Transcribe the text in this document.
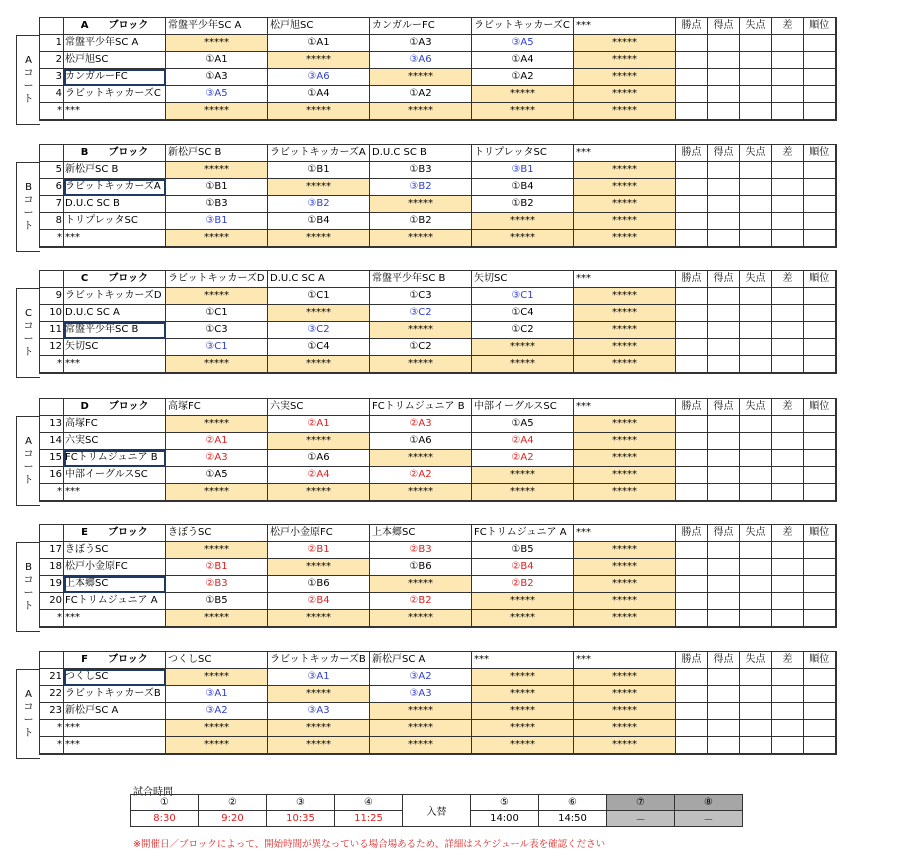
A
コ
ー
ト
	A　　ブロック	常盤平少年SC A	松戸旭SC	カンガルーFC	ラビットキッカーズC	***	勝点	得点	失点	差	順位
1	常盤平少年SC A	*****	①A1	①A3	③A5	*****					
2	松戸旭SC	①A1	*****	③A6	①A4	*****					
3	カンガルーFC	①A3	③A6	*****	①A2	*****					
4	ラビットキッカーズC	③A5	①A4	①A2	*****	*****					
*	***	*****	*****	*****	*****	*****					
B
コ
ー
ト
	B　　ブロック	新松戸SC B	ラビットキッカーズA	D.U.C SC B	トリプレッタSC	***	勝点	得点	失点	差	順位
5	新松戸SC B	*****	①B1	①B3	③B1	*****					
6	ラビットキッカーズA	①B1	*****	③B2	①B4	*****					
7	D.U.C SC B	①B3	③B2	*****	①B2	*****					
8	トリプレッタSC	③B1	①B4	①B2	*****	*****					
*	***	*****	*****	*****	*****	*****					
C
コ
ー
ト
	C　　ブロック	ラビットキッカーズD	D.U.C SC A	常盤平少年SC B	矢切SC	***	勝点	得点	失点	差	順位
9	ラビットキッカーズD	*****	①C1	①C3	③C1	*****					
10	D.U.C SC A	①C1	*****	③C2	①C4	*****					
11	常盤平少年SC B	①C3	③C2	*****	①C2	*****					
12	矢切SC	③C1	①C4	①C2	*****	*****					
*	***	*****	*****	*****	*****	*****					
A
コ
ー
ト
	D　　ブロック	高塚FC	六実SC	FCトリムジュニア B	中部イーグルスSC	***	勝点	得点	失点	差	順位
13	高塚FC	*****	②A1	②A3	①A5	*****					
14	六実SC	②A1	*****	①A6	②A4	*****					
15	FCトリムジュニア B	②A3	①A6	*****	②A2	*****					
16	中部イーグルスSC	①A5	②A4	②A2	*****	*****					
*	***	*****	*****	*****	*****	*****					
B
コ
ー
ト
	E　　ブロック	きぼうSC	松戸小金原FC	上本郷SC	FCトリムジュニア A	***	勝点	得点	失点	差	順位
17	きぼうSC	*****	②B1	②B3	①B5	*****					
18	松戸小金原FC	②B1	*****	①B6	②B4	*****					
19	上本郷SC	②B3	①B6	*****	②B2	*****					
20	FCトリムジュニア A	①B5	②B4	②B2	*****	*****					
*	***	*****	*****	*****	*****	*****					
A
コ
ー
ト
	F　　ブロック	つくしSC	ラビットキッカーズB	新松戸SC A	***	***	勝点	得点	失点	差	順位
21	つくしSC	*****	③A1	③A2	*****	*****					
22	ラビットキッカーズB	③A1	*****	③A3	*****	*****					
23	新松戸SC A	③A2	③A3	*****	*****	*****					
*	***	*****	*****	*****	*****	*****					
*	***	*****	*****	*****	*****	*****					
試合時間
①	②	③	④	入替	⑤	⑥	⑦	⑧
8:30	9:20	10:35	11:25		14:00	14:50	－	－
※開催日／ブロックによって、開始時間が異なっている場合場あるため、詳細はスケジュール表を確認ください
